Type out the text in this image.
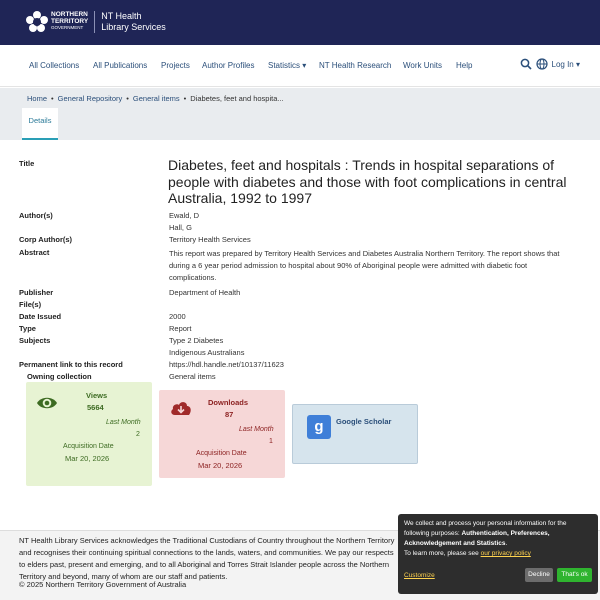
NORTHERN
TERRITORY
GOVERNMENT
NT Health
Library Services
All Collections All Publications Projects Author Profiles Statistics ▾ NT Health Research Work Units Help	Log In ▾
Home • General Repository • General items • Diabetes, feet and hospita...
Details
Title	Diabetes, feet and hospitals : Trends in hospital separations of people with diabetes and those with foot complications in central Australia, 1992 to 1997
Author(s)	Ewald, D
Hall, G
Corp Author(s)	Territory Health Services
Abstract	This report was prepared by Territory Health Services and Diabetes Australia Northern Territory. The report shows that during a 6 year period admission to hospital about 90% of Aboriginal people were admitted with diabetic foot complications.
Publisher	Department of Health
File(s)
Date Issued	2000
Type	Report
Subjects	Type 2 Diabetes
Indigenous Australians
Permanent link to this record	https://hdl.handle.net/10137/11623
Owning collection	General items
Views
5664
Last Month
2
Acquisition Date
Mar 20, 2026
Downloads
87
Last Month
1
Acquisition Date
Mar 20, 2026
g	Google Scholar
NT Health Library Services acknowledges the Traditional Custodians of Country throughout the Northern Territory and recognises their continuing spiritual connections to the lands, waters, and communities. We pay our respects to elders past, present and emerging, and to all Aboriginal and Torres Strait Islander people across the Northern Territory and beyond, many of whom are our staff and patients.
© 2025 Northern Territory Government of Australia
We collect and process your personal information for the following purposes: Authentication, Preferences, Acknowledgement and Statistics.
To learn more, please see our privacy policy
Customize	Decline	That's ok
